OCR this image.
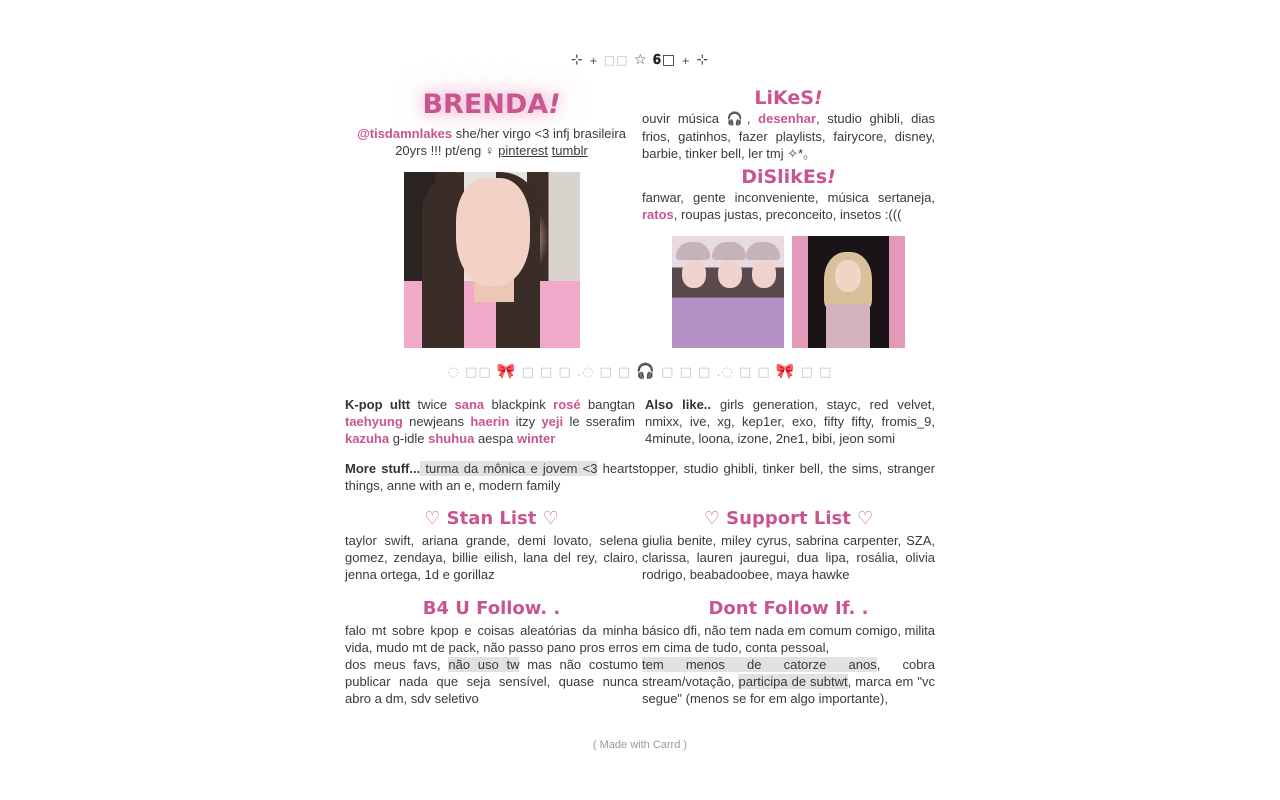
⊹ + □□ ☆ 𝟔□ + ⊹
BRENDA!
@tisdamnlakes she/her virgo <3 infj brasileira
20yrs !!! pt/eng ♀ pinterest tumblr
LiKeS!
ouvir música 🎧, desenhar, studio ghibli, dias frios, gatinhos, fazer playlists, fairycore, disney, barbie, tinker bell, ler tmj ✧*。
DiSlikEs!
fanwar, gente inconveniente, música sertaneja, ratos, roupas justas, preconceito, insetos :(((
◌ □□ 🎀 □ □ □ .◌ □ □ 🎧 □ □ □ .◌ □ □ 🎀 □ □
K-pop ultt twice sana blackpink rosé bangtan taehyung newjeans haerin itzy yeji le sserafim kazuha g-idle shuhua aespa winter
Also like.. girls generation, stayc, red velvet, nmixx, ive, xg, kep1er, exo, fifty fifty, fromis_9, 4minute, loona, izone, 2ne1, bibi, jeon somi
More stuff... turma da mônica e jovem <3 heartstopper, studio ghibli, tinker bell, the sims, stranger things, anne with an e, modern family
♡ Stan List ♡
taylor swift, ariana grande, demi lovato, selena gomez, zendaya, billie eilish, lana del rey, clairo, jenna ortega, 1d e gorillaz
♡ Support List ♡
giulia benite, miley cyrus, sabrina carpenter, SZA, clarissa, lauren jauregui, dua lipa, rosália, olivia rodrigo, beabadoobee, maya hawke
B4 U Follow. .
falo mt sobre kpop e coisas aleatórias da minha vida, mudo mt de pack, não passo pano pros erros dos meus favs, não uso tw mas não costumo publicar nada que seja sensível, quase nunca abro a dm, sdv seletivo
Dont Follow If. .
básico dfi, não tem nada em comum comigo, milita em cima de tudo, conta pessoal,
tem menos de catorze anos, cobra stream/votação, participa de subtwt, marca em "vc segue" (menos se for em algo importante),
( Made with Carrd )
